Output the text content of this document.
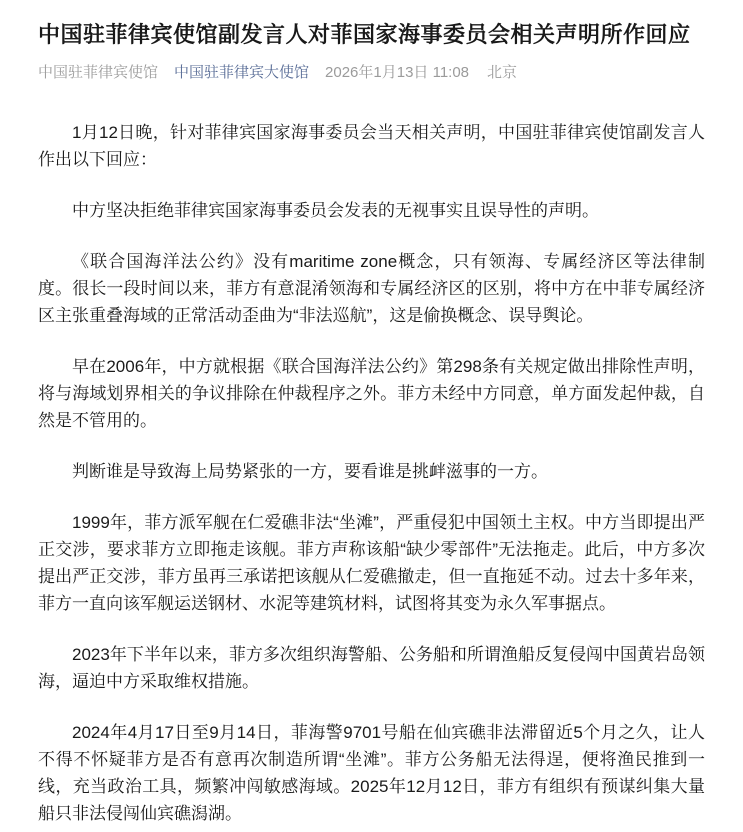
中国驻菲律宾使馆副发言人对菲国家海事委员会相关声明所作回应
中国驻菲律宾使馆 中国驻菲律宾大使馆 2026年1月13日 11:08 北京

1月12日晚，针对菲律宾国家海事委员会当天相关声明，中国驻菲律宾使馆副发言人作出以下回应：

中方坚决拒绝菲律宾国家海事委员会发表的无视事实且误导性的声明。

《联合国海洋法公约》没有maritime zone概念，只有领海、专属经济区等法律制度。很长一段时间以来，菲方有意混淆领海和专属经济区的区别，将中方在中菲专属经济区主张重叠海域的正常活动歪曲为“非法巡航”，这是偷换概念、误导舆论。

早在2006年，中方就根据《联合国海洋法公约》第298条有关规定做出排除性声明，将与海域划界相关的争议排除在仲裁程序之外。菲方未经中方同意，单方面发起仲裁，自然是不管用的。

判断谁是导致海上局势紧张的一方，要看谁是挑衅滋事的一方。

1999年，菲方派军舰在仁爱礁非法“坐滩”，严重侵犯中国领土主权。中方当即提出严正交涉，要求菲方立即拖走该舰。菲方声称该船“缺少零部件”无法拖走。此后，中方多次提出严正交涉，菲方虽再三承诺把该舰从仁爱礁撤走，但一直拖延不动。过去十多年来，菲方一直向该军舰运送钢材、水泥等建筑材料，试图将其变为永久军事据点。

2023年下半年以来，菲方多次组织海警船、公务船和所谓渔船反复侵闯中国黄岩岛领海，逼迫中方采取维权措施。

2024年4月17日至9月14日，菲海警9701号船在仙宾礁非法滞留近5个月之久，让人不得不怀疑菲方是否有意再次制造所谓“坐滩”。菲方公务船无法得逞，便将渔民推到一线，充当政治工具，频繁冲闯敏感海域。2025年12月12日，菲方有组织有预谋纠集大量船只非法侵闯仙宾礁潟湖。
